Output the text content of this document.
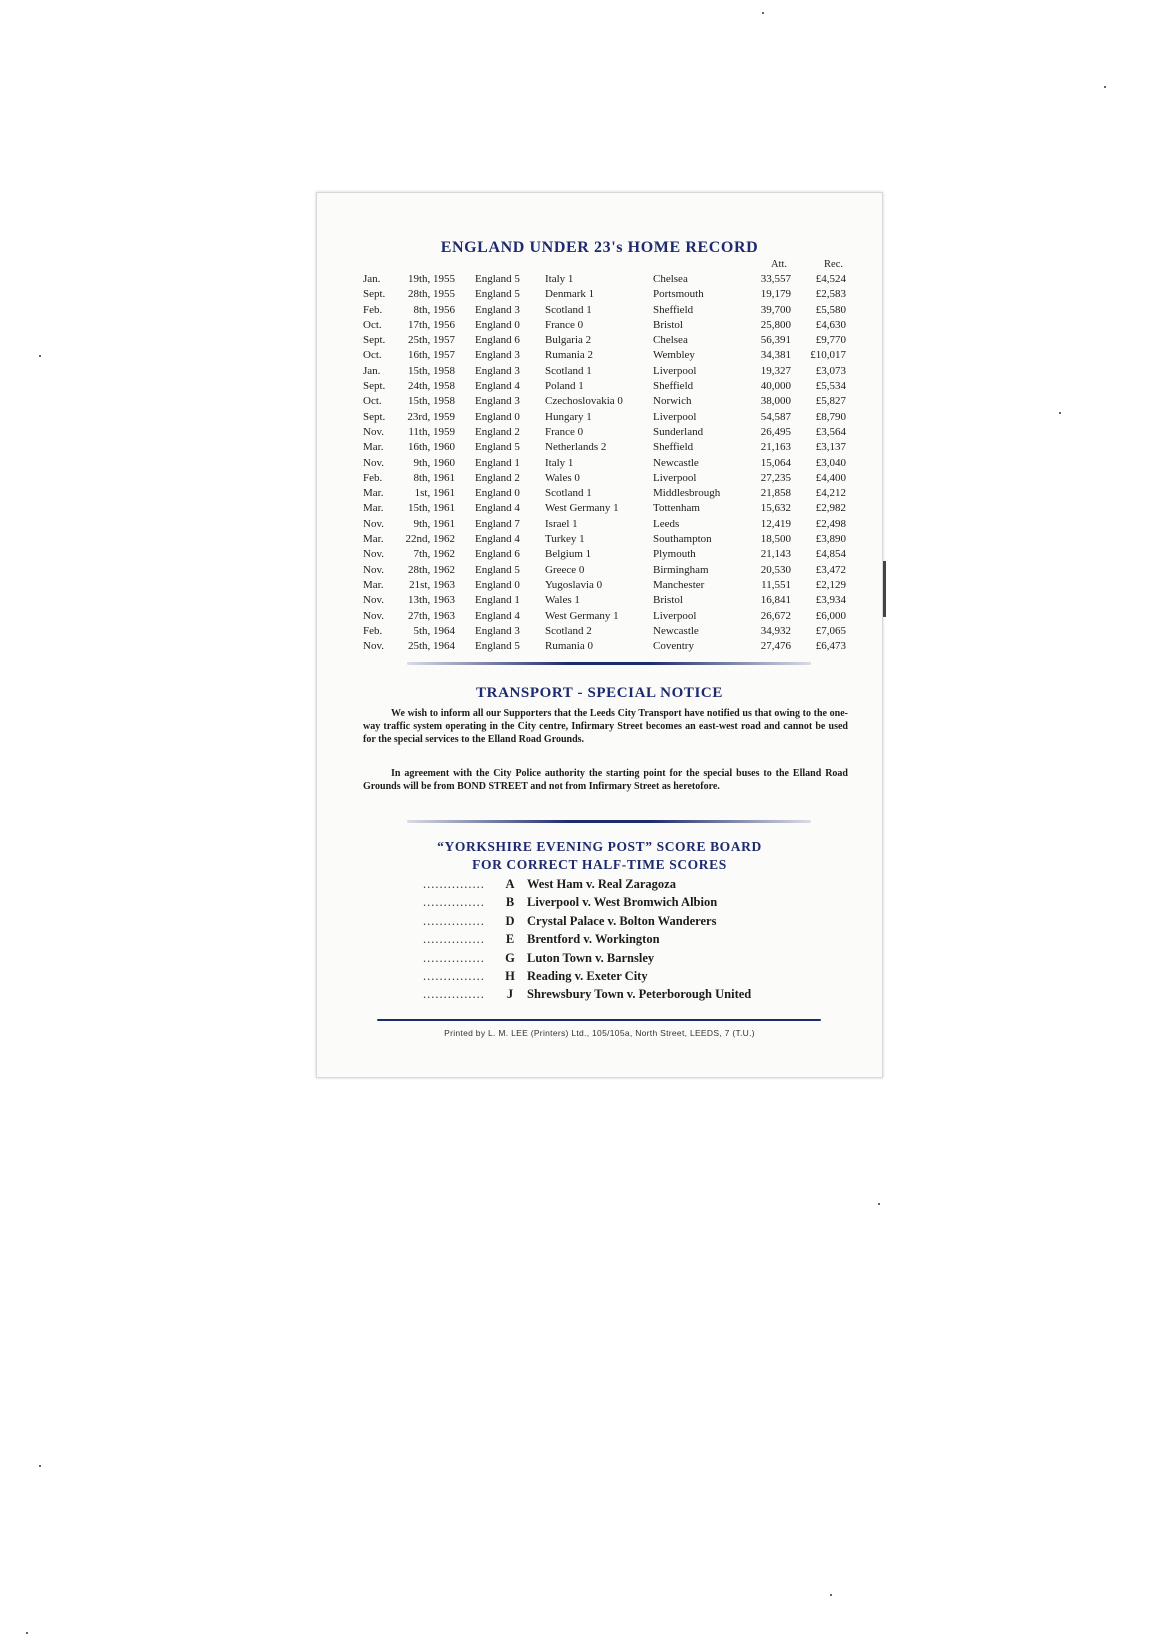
ENGLAND UNDER 23's HOME RECORD
Att.	Rec.
Jan.	19th, 1955 England 5 Italy 1	Chelsea	33,557	£4,524
Sept.	28th, 1955 England 5 Denmark 1	Portsmouth	19,179	£2,583
Feb.	8th, 1956 England 3 Scotland 1	Sheffield	39,700	£5,580
Oct.	17th, 1956 England 0 France 0	Bristol	25,800	£4,630
Sept.	25th, 1957 England 6 Bulgaria 2	Chelsea	56,391	£9,770
Oct.	16th, 1957 England 3 Rumania 2	Wembley	34,381	£10,017
Jan.	15th, 1958 England 3 Scotland 1	Liverpool	19,327	£3,073
Sept.	24th, 1958 England 4 Poland 1	Sheffield	40,000	£5,534
Oct.	15th, 1958 England 3 Czechoslovakia 0	Norwich	38,000	£5,827
Sept.	23rd, 1959 England 0 Hungary 1	Liverpool	54,587	£8,790
Nov.	11th, 1959 England 2 France 0	Sunderland	26,495	£3,564
Mar.	16th, 1960 England 5 Netherlands 2	Sheffield	21,163	£3,137
Nov.	9th, 1960 England 1 Italy 1	Newcastle	15,064	£3,040
Feb.	8th, 1961 England 2 Wales 0	Liverpool	27,235	£4,400
Mar.	1st, 1961 England 0 Scotland 1	Middlesbrough	21,858	£4,212
Mar.	15th, 1961 England 4 West Germany 1	Tottenham	15,632	£2,982
Nov.	9th, 1961 England 7 Israel 1	Leeds	12,419	£2,498
Mar.	22nd, 1962 England 4 Turkey 1	Southampton	18,500	£3,890
Nov.	7th, 1962 England 6 Belgium 1	Plymouth	21,143	£4,854
Nov.	28th, 1962 England 5 Greece 0	Birmingham	20,530	£3,472
Mar.	21st, 1963 England 0 Yugoslavia 0	Manchester	11,551	£2,129
Nov.	13th, 1963 England 1 Wales 1	Bristol	16,841	£3,934
Nov.	27th, 1963 England 4 West Germany 1	Liverpool	26,672	£6,000
Feb.	5th, 1964 England 3 Scotland 2	Newcastle	34,932	£7,065
Nov.	25th, 1964 England 5 Rumania 0	Coventry	27,476	£6,473
TRANSPORT - SPECIAL NOTICE
We wish to inform all our Supporters that the Leeds City Transport have notified us that owing to the one-way traffic system operating in the City centre, Infirmary Street becomes an east-west road and cannot be used for the special services to the Elland Road Grounds.
In agreement with the City Police authority the starting point for the special buses to the Elland Road Grounds will be from BOND STREET and not from Infirmary Street as heretofore.
“YORKSHIRE EVENING POST” SCORE BOARD
FOR CORRECT HALF-TIME SCORES
............... A West Ham v. Real Zaragoza
............... B Liverpool v. West Bromwich Albion
............... D Crystal Palace v. Bolton Wanderers
............... E Brentford v. Workington
............... G Luton Town v. Barnsley
............... H Reading v. Exeter City
...............	J	Shrewsbury Town v. Peterborough United
Printed by L. M. LEE (Printers) Ltd., 105/105a, North Street, LEEDS, 7 (T.U.)
